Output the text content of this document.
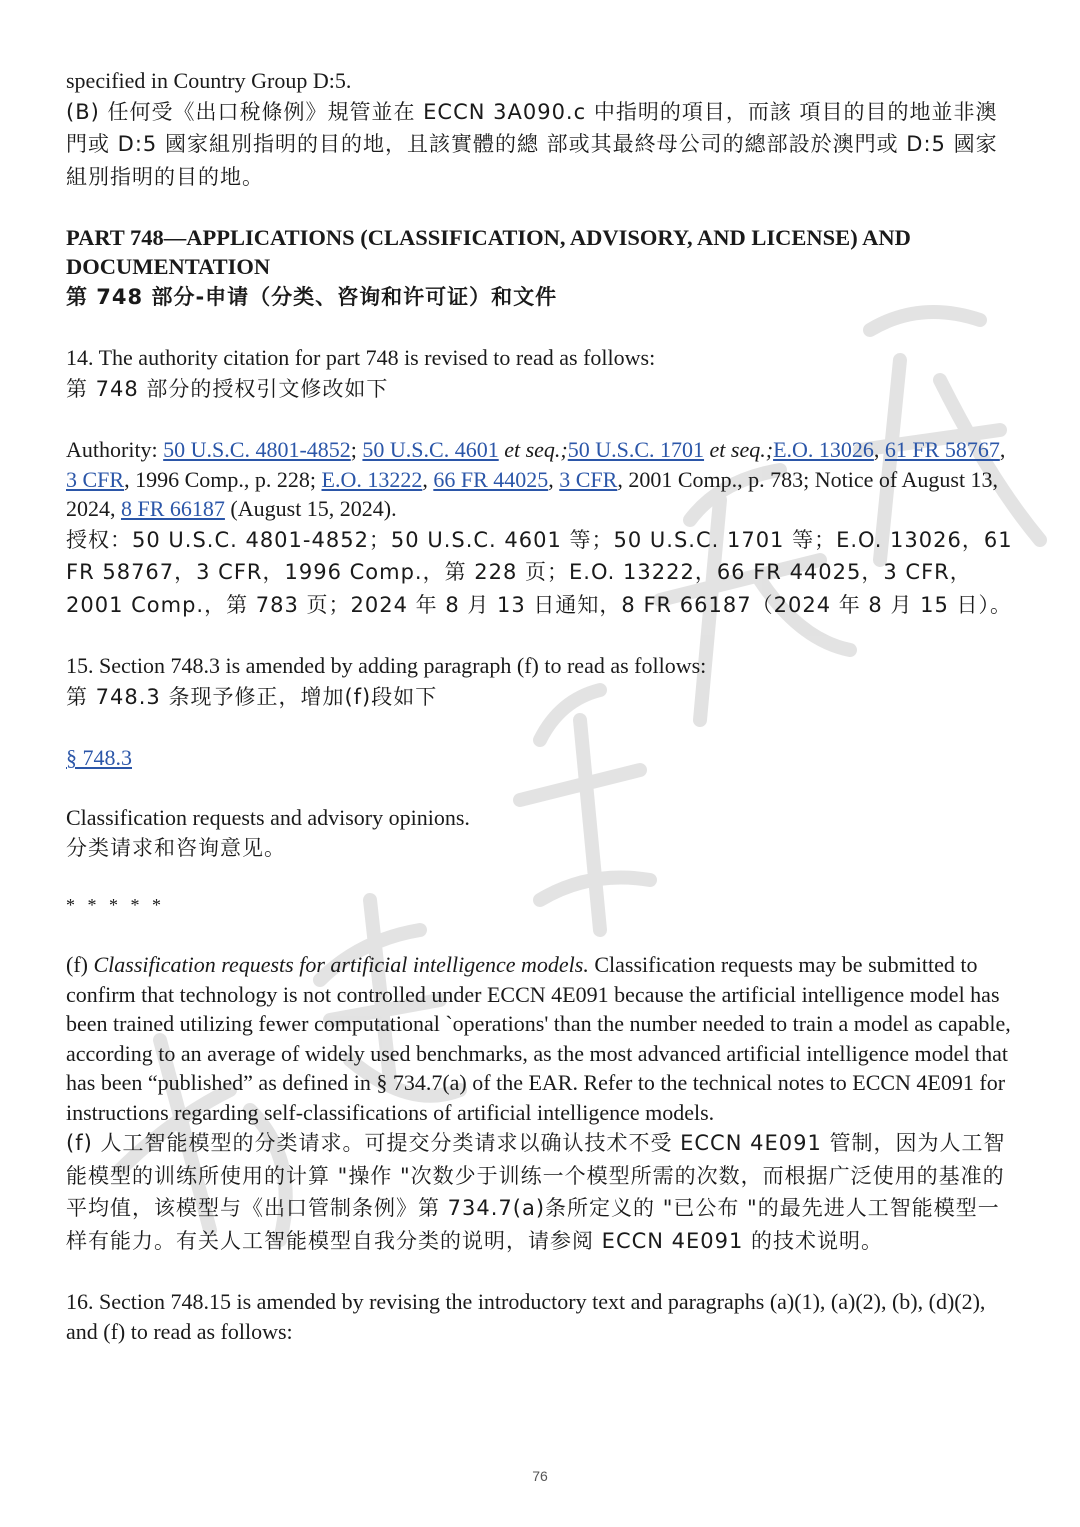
specified in Country Group D:5.

(B) 任何受《出口稅條例》規管並在 ECCN 3A090.c 中指明的項目，而該 項目的目的地並非澳門或 D:5 國家組別指明的目的地，且該實體的總 部或其最終母公司的總部設於澳門或 D:5 國家組別指明的目的地。

PART 748—APPLICATIONS (CLASSIFICATION, ADVISORY, AND LICENSE) AND DOCUMENTATION

第 748 部分-申请（分类、咨询和许可证）和文件

14. The authority citation for part 748 is revised to read as follows:

第 748 部分的授权引文修改如下

Authority: 50 U.S.C. 4801-4852; 50 U.S.C. 4601 et seq.;50 U.S.C. 1701 et seq.;E.O. 13026, 61 FR 58767, 3 CFR, 1996 Comp., p. 228; E.O. 13222, 66 FR 44025, 3 CFR, 2001 Comp., p. 783; Notice of August 13, 2024, 8 FR 66187 (August 15, 2024).

授权：50 U.S.C. 4801-4852；50 U.S.C. 4601 等；50 U.S.C. 1701 等；E.O. 13026，61 FR 58767，3 CFR，1996 Comp.，第 228 页；E.O. 13222，66 FR 44025，3 CFR，2001 Comp.，第 783 页；2024 年 8 月 13 日通知，8 FR 66187（2024 年 8 月 15 日）。

15. Section 748.3 is amended by adding paragraph (f) to read as follows:

第 748.3 条现予修正，增加(f)段如下

§ 748.3

Classification requests and advisory opinions.

分类请求和咨询意见。

* * * * *

(f) Classification requests for artificial intelligence models. Classification requests may be submitted to confirm that technology is not controlled under ECCN 4E091 because the artificial intelligence model has been trained utilizing fewer computational `operations' than the number needed to train a model as capable, according to an average of widely used benchmarks, as the most advanced artificial intelligence model that has been “published” as defined in § 734.7(a) of the EAR. Refer to the technical notes to ECCN 4E091 for instructions regarding self-classifications of artificial intelligence models.

(f) 人工智能模型的分类请求。可提交分类请求以确认技术不受 ECCN 4E091 管制，因为人工智能模型的训练所使用的计算 "操作 "次数少于训练一个模型所需的次数，而根据广泛使用的基准的平均值，该模型与《出口管制条例》第 734.7(a)条所定义的 "已公布 "的最先进人工智能模型一样有能力。有关人工智能模型自我分类的说明，请参阅 ECCN 4E091 的技术说明。

16. Section 748.15 is amended by revising the introductory text and paragraphs (a)(1), (a)(2), (b), (d)(2), and (f) to read as follows:

76
